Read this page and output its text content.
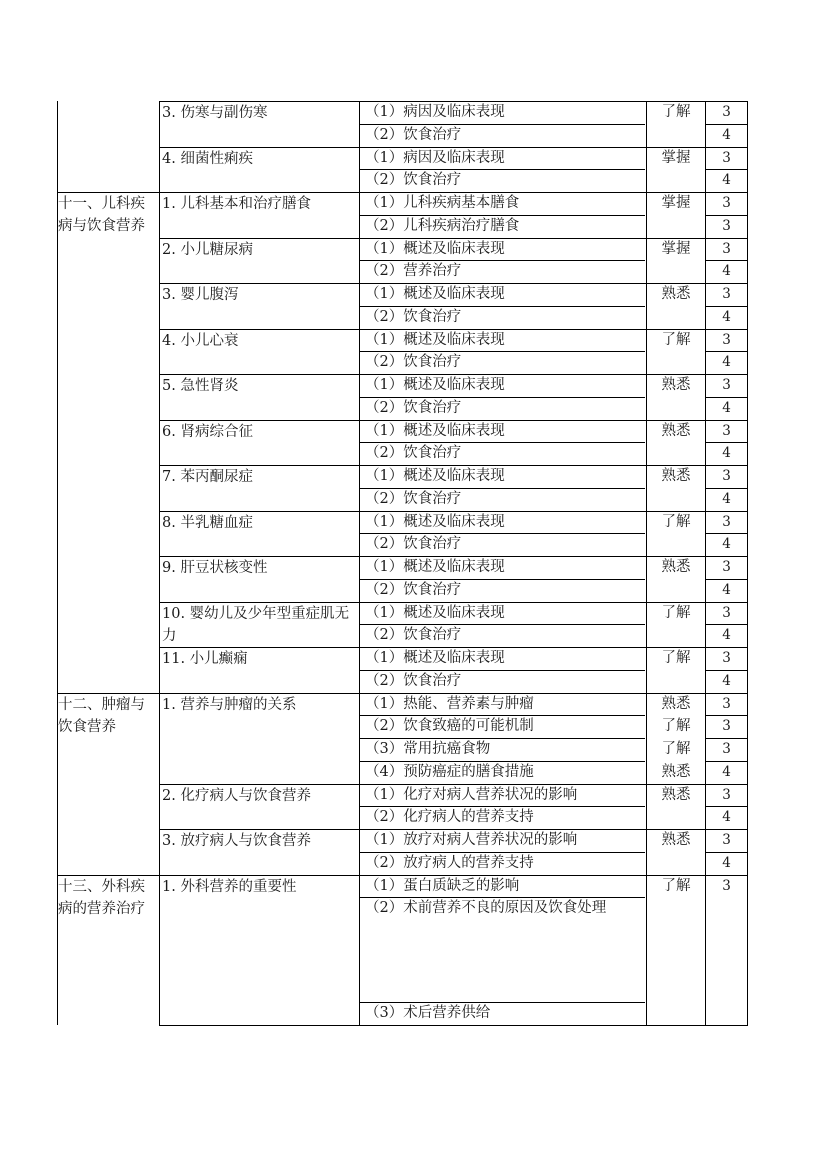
3. 伤寒与副伤寒	（1）病因及临床表现	了解	3
（2）饮食治疗	4
4. 细菌性痢疾	（1）病因及临床表现	掌握	3
（2）饮食治疗	4
十一、儿科疾病与饮食营养
1. 儿科基本和治疗膳食	（1）儿科疾病基本膳食	掌握	3
（2）儿科疾病治疗膳食	3
2. 小儿糖尿病	（1）概述及临床表现	掌握	3
（2）营养治疗	4
3. 婴儿腹泻	（1）概述及临床表现	熟悉	3
（2）饮食治疗	4
4. 小儿心衰	（1）概述及临床表现	了解	3
（2）饮食治疗	4
5. 急性肾炎	（1）概述及临床表现	熟悉	3
（2）饮食治疗	4
6. 肾病综合征	（1）概述及临床表现	熟悉	3
（2）饮食治疗	4
7. 苯丙酮尿症	（1）概述及临床表现	熟悉	3
（2）饮食治疗	4
8. 半乳糖血症	（1）概述及临床表现	了解	3
（2）饮食治疗	4
9. 肝豆状核变性	（1）概述及临床表现	熟悉	3
（2）饮食治疗	4
10. 婴幼儿及少年型重症肌无力
（1）概述及临床表现	了解	3
（2）饮食治疗	4
11. 小儿癫痫	（1）概述及临床表现	了解	3
（2）饮食治疗	4
十二、肿瘤与饮食营养
1. 营养与肿瘤的关系	（1）热能、营养素与肿瘤	熟悉	3
（2）饮食致癌的可能机制	了解	3
（3）常用抗癌食物	了解	3
（4）预防癌症的膳食措施	熟悉	4
2. 化疗病人与饮食营养	（1）化疗对病人营养状况的影响	熟悉	3
（2）化疗病人的营养支持	4
3. 放疗病人与饮食营养	（1）放疗对病人营养状况的影响	熟悉	3
（2）放疗病人的营养支持	4
十三、外科疾病的营养治疗
1. 外科营养的重要性	（1）蛋白质缺乏的影响	了解	3
（2）术前营养不良的原因及饮食处理
（3）术后营养供给
